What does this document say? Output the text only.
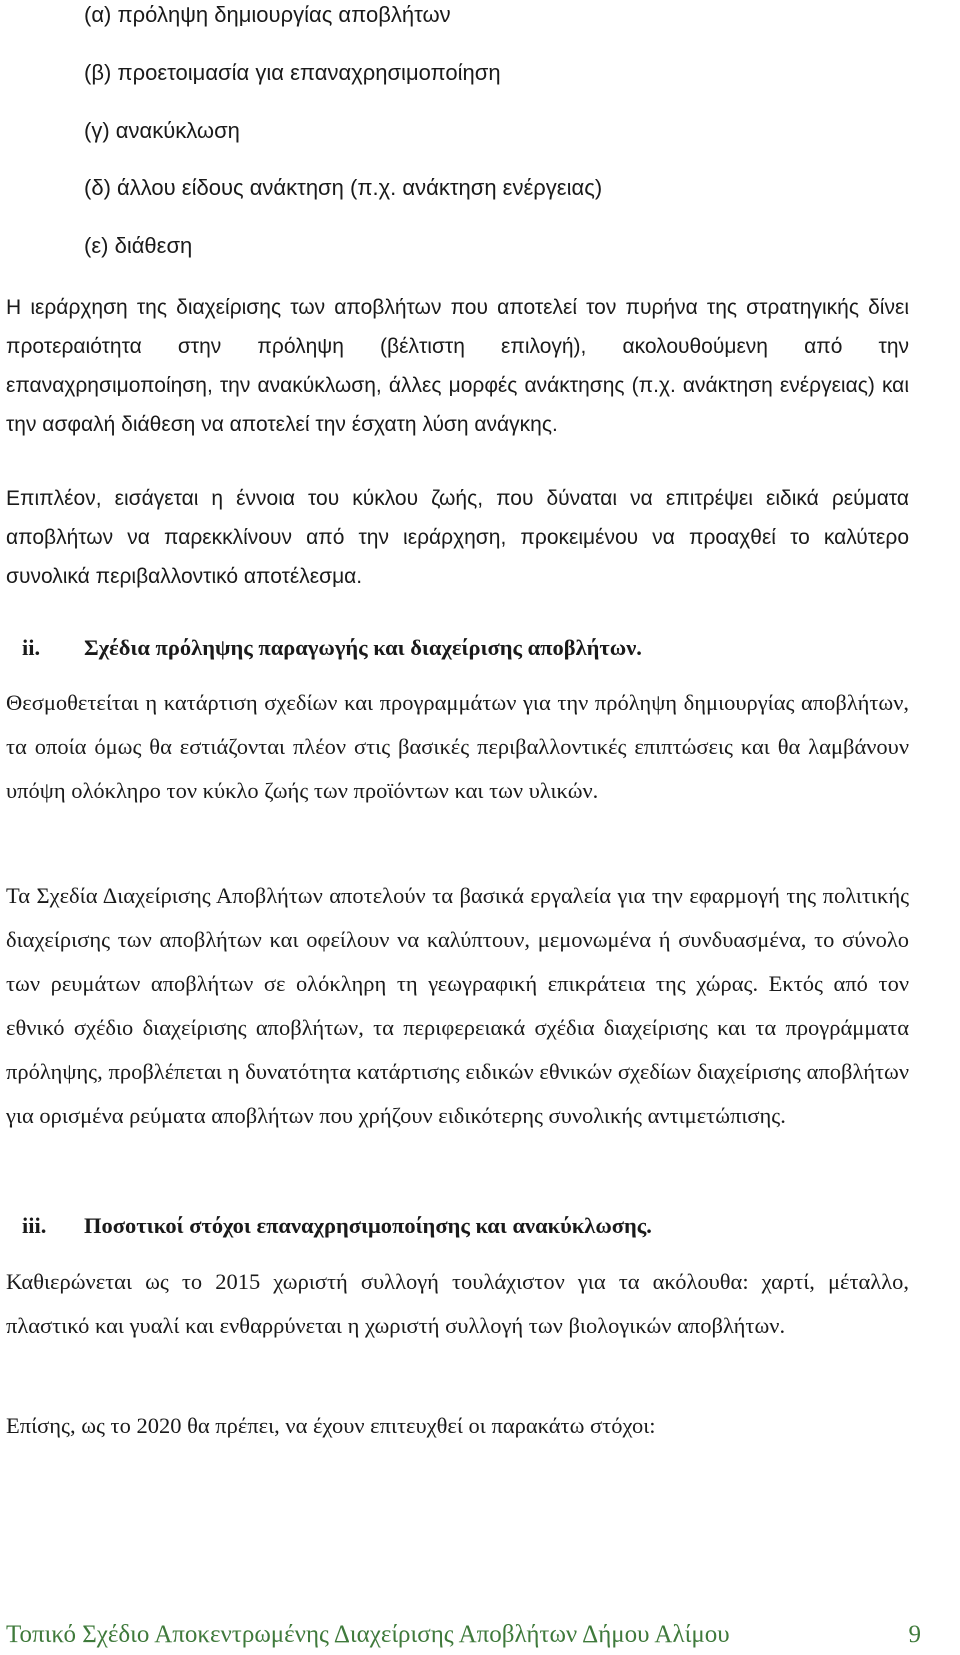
(α) πρόληψη δημιουργίας αποβλήτων
(β) προετοιμασία για επαναχρησιμοποίηση
(γ) ανακύκλωση
(δ) άλλου είδους ανάκτηση (π.χ. ανάκτηση ενέργειας)
(ε) διάθεση

Η ιεράρχηση της διαχείρισης των αποβλήτων που αποτελεί τον πυρήνα της στρατηγικής δίνει προτεραιότητα στην πρόληψη (βέλτιστη επιλογή), ακολουθούμενη από την επαναχρησιμοποίηση, την ανακύκλωση, άλλες μορφές ανάκτησης (π.χ. ανάκτηση ενέργειας) και την ασφαλή διάθεση να αποτελεί την έσχατη λύση ανάγκης.

Επιπλέον, εισάγεται η έννοια του κύκλου ζωής, που δύναται να επιτρέψει ειδικά ρεύματα αποβλήτων να παρεκκλίνουν από την ιεράρχηση, προκειμένου να προαχθεί το καλύτερο συνολικά περιβαλλοντικό αποτέλεσμα.

ii. Σχέδια πρόληψης παραγωγής και διαχείρισης αποβλήτων.

Θεσμοθετείται η κατάρτιση σχεδίων και προγραμμάτων για την πρόληψη δημιουργίας αποβλήτων, τα οποία όμως θα εστιάζονται πλέον στις βασικές περιβαλλοντικές επιπτώσεις και θα λαμβάνουν υπόψη ολόκληρο τον κύκλο ζωής των προϊόντων και των υλικών.

Τα Σχεδία Διαχείρισης Αποβλήτων αποτελούν τα βασικά εργαλεία για την εφαρμογή της πολιτικής διαχείρισης των αποβλήτων και οφείλουν να καλύπτουν, μεμονωμένα ή συνδυασμένα, το σύνολο των ρευμάτων αποβλήτων σε ολόκληρη τη γεωγραφική επικράτεια της χώρας. Εκτός από τον εθνικό σχέδιο διαχείρισης αποβλήτων, τα περιφερειακά σχέδια διαχείρισης και τα προγράμματα πρόληψης, προβλέπεται η δυνατότητα κατάρτισης ειδικών εθνικών σχεδίων διαχείρισης αποβλήτων για ορισμένα ρεύματα αποβλήτων που χρήζουν ειδικότερης συνολικής αντιμετώπισης.

iii. Ποσοτικοί στόχοι επαναχρησιμοποίησης και ανακύκλωσης.

Καθιερώνεται ως το 2015 χωριστή συλλογή τουλάχιστον για τα ακόλουθα: χαρτί, μέταλλο, πλαστικό και γυαλί και ενθαρρύνεται η χωριστή συλλογή των βιολογικών αποβλήτων.

Επίσης, ως το 2020 θα πρέπει, να έχουν επιτευχθεί οι παρακάτω στόχοι:

Τοπικό Σχέδιο Αποκεντρωμένης Διαχείρισης Αποβλήτων Δήμου Αλίμου	9
